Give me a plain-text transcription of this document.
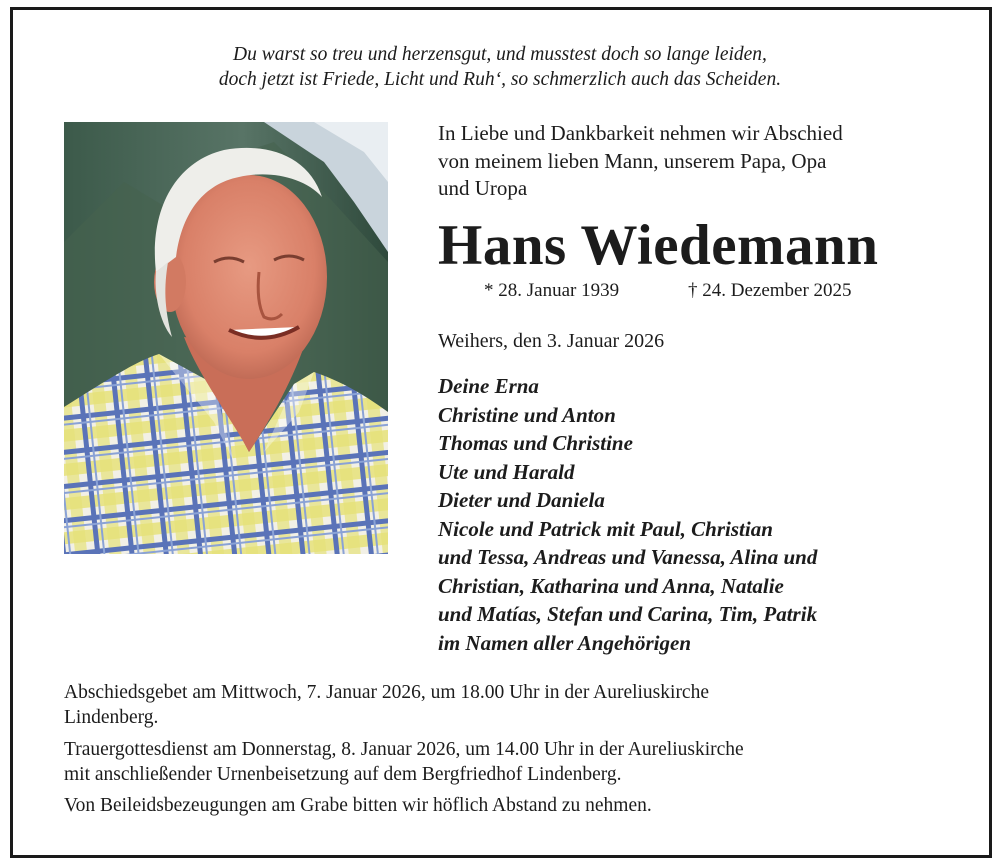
Du warst so treu und herzensgut, und musstest doch so lange leiden,
doch jetzt ist Friede, Licht und Ruh‘, so schmerzlich auch das Scheiden.
In Liebe und Dankbarkeit nehmen wir Abschied
von meinem lieben Mann, unserem Papa, Opa
und Uropa
Hans Wiedemann
* 28. Januar 1939	† 24. Dezember 2025
Weihers, den 3. Januar 2026
Deine Erna
Christine und Anton
Thomas und Christine
Ute und Harald
Dieter und Daniela
Nicole und Patrick mit Paul, Christian
und Tessa, Andreas und Vanessa, Alina und
Christian, Katharina und Anna, Natalie
und Matías, Stefan und Carina, Tim, Patrik
im Namen aller Angehörigen
Abschiedsgebet am Mittwoch, 7. Januar 2026, um 18.00 Uhr in der Aureliuskirche
Lindenberg.
Trauergottesdienst am Donnerstag, 8. Januar 2026, um 14.00 Uhr in der Aureliuskirche
mit anschließender Urnenbeisetzung auf dem Bergfriedhof Lindenberg.
Von Beileidsbezeugungen am Grabe bitten wir höflich Abstand zu nehmen.
